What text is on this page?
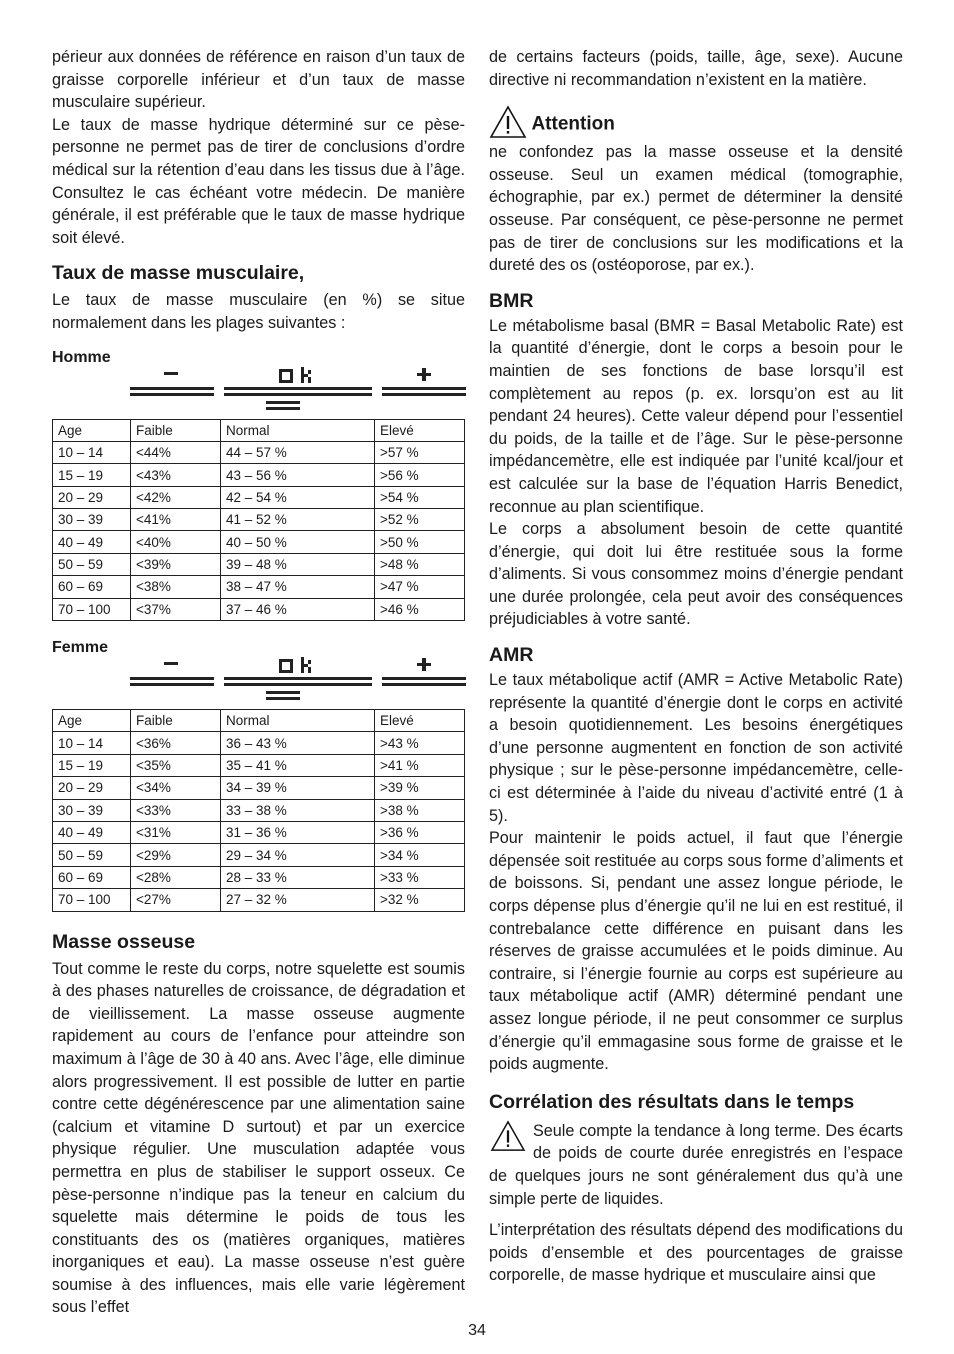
périeur aux données de référence en raison d’un taux de graisse corporelle inférieur et d’un taux de masse musculaire supérieur.

Le taux de masse hydrique déterminé sur ce pèse-personne ne permet pas de tirer de conclusions d’ordre médical sur la rétention d’eau dans les tissus due à l’âge. Consultez le cas échéant votre médecin. De manière générale, il est préférable que le taux de masse hydrique soit élevé.

Taux de masse musculaire,

Le taux de masse musculaire (en %) se situe normalement dans les plages suivantes :

Homme
Age	Faible	Normal	Elevé
10 – 14	<44%	44 – 57 %	>57 %
15 – 19	<43%	43 – 56 %	>56 %
20 – 29	<42%	42 – 54 %	>54 %
30 – 39	<41%	41 – 52 %	>52 %
40 – 49	<40%	40 – 50 %	>50 %
50 – 59	<39%	39 – 48 %	>48 %
60 – 69	<38%	38 – 47 %	>47 %
70 – 100	<37%	37 – 46 %	>46 %
Femme
Age	Faible	Normal	Elevé
10 – 14	<36%	36 – 43 %	>43 %
15 – 19	<35%	35 – 41 %	>41 %
20 – 29	<34%	34 – 39 %	>39 %
30 – 39	<33%	33 – 38 %	>38 %
40 – 49	<31%	31 – 36 %	>36 %
50 – 59	<29%	29 – 34 %	>34 %
60 – 69	<28%	28 – 33 %	>33 %
70 – 100	<27%	27 – 32 %	>32 %
Masse osseuse

Tout comme le reste du corps, notre squelette est soumis à des phases naturelles de croissance, de dégradation et de vieillissement. La masse osseuse augmente rapidement au cours de l’enfance pour atteindre son maximum à l’âge de 30 à 40 ans. Avec l’âge, elle diminue alors progressivement. Il est possible de lutter en partie contre cette dégénérescence par une alimentation saine (calcium et vitamine D surtout) et par un exercice physique régulier. Une musculation adaptée vous permettra en plus de stabiliser le support osseux. Ce pèse-personne n’indique pas la teneur en calcium du squelette mais détermine le poids de tous les constituants des os (matières organiques, matières inorganiques et eau). La masse osseuse n’est guère soumise à des influences, mais elle varie légèrement sous l’effet

de certains facteurs (poids, taille, âge, sexe). Aucune directive ni recommandation n’existent en la matière.

Attention

ne confondez pas la masse osseuse et la densité osseuse. Seul un examen médical (tomographie, échographie, par ex.) permet de déterminer la densité osseuse. Par conséquent, ce pèse-personne ne permet pas de tirer de conclusions sur les modifications et la dureté des os (ostéoporose, par ex.).

BMR

Le métabolisme basal (BMR = Basal Metabolic Rate) est la quantité d’énergie, dont le corps a besoin pour le maintien de ses fonctions de base lorsqu’il est complètement au repos (p. ex. lorsqu’on est au lit pendant 24 heures). Cette valeur dépend pour l’essentiel du poids, de la taille et de l’âge. Sur le pèse-personne impédancemètre, elle est indiquée par l’unité kcal/jour et est calculée sur la base de l’équation Harris Benedict, reconnue au plan scientifique.

Le corps a absolument besoin de cette quantité d’énergie, qui doit lui être restituée sous la forme d’aliments. Si vous consommez moins d’énergie pendant une durée prolongée, cela peut avoir des conséquences préjudiciables à votre santé.

AMR

Le taux métabolique actif (AMR = Active Metabolic Rate) représente la quantité d’énergie dont le corps en activité a besoin quotidiennement. Les besoins énergétiques d’une personne augmentent en fonction de son activité physique ; sur le pèse-personne impédancemètre, celle-ci est déterminée à l’aide du niveau d’activité entré (1 à 5).

Pour maintenir le poids actuel, il faut que l’énergie dépensée soit restituée au corps sous forme d’aliments et de boissons. Si, pendant une assez longue période, le corps dépense plus d’énergie qu’il ne lui en est restitué, il contrebalance cette différence en puisant dans les réserves de graisse accumulées et le poids diminue. Au contraire, si l’énergie fournie au corps est supérieure au taux métabolique actif (AMR) déterminé pendant une assez longue période, il ne peut consommer ce surplus d’énergie qu’il emmagasine sous forme de graisse et le poids augmente.

Corrélation des résultats dans le temps

Seule compte la tendance à long terme. Des écarts de poids de courte durée enregistrés en l’espace de quelques jours ne sont généralement dus qu’à une simple perte de liquides.

L’interprétation des résultats dépend des modifications du poids d’ensemble et des pourcentages de graisse corporelle, de masse hydrique et musculaire ainsi que

34
